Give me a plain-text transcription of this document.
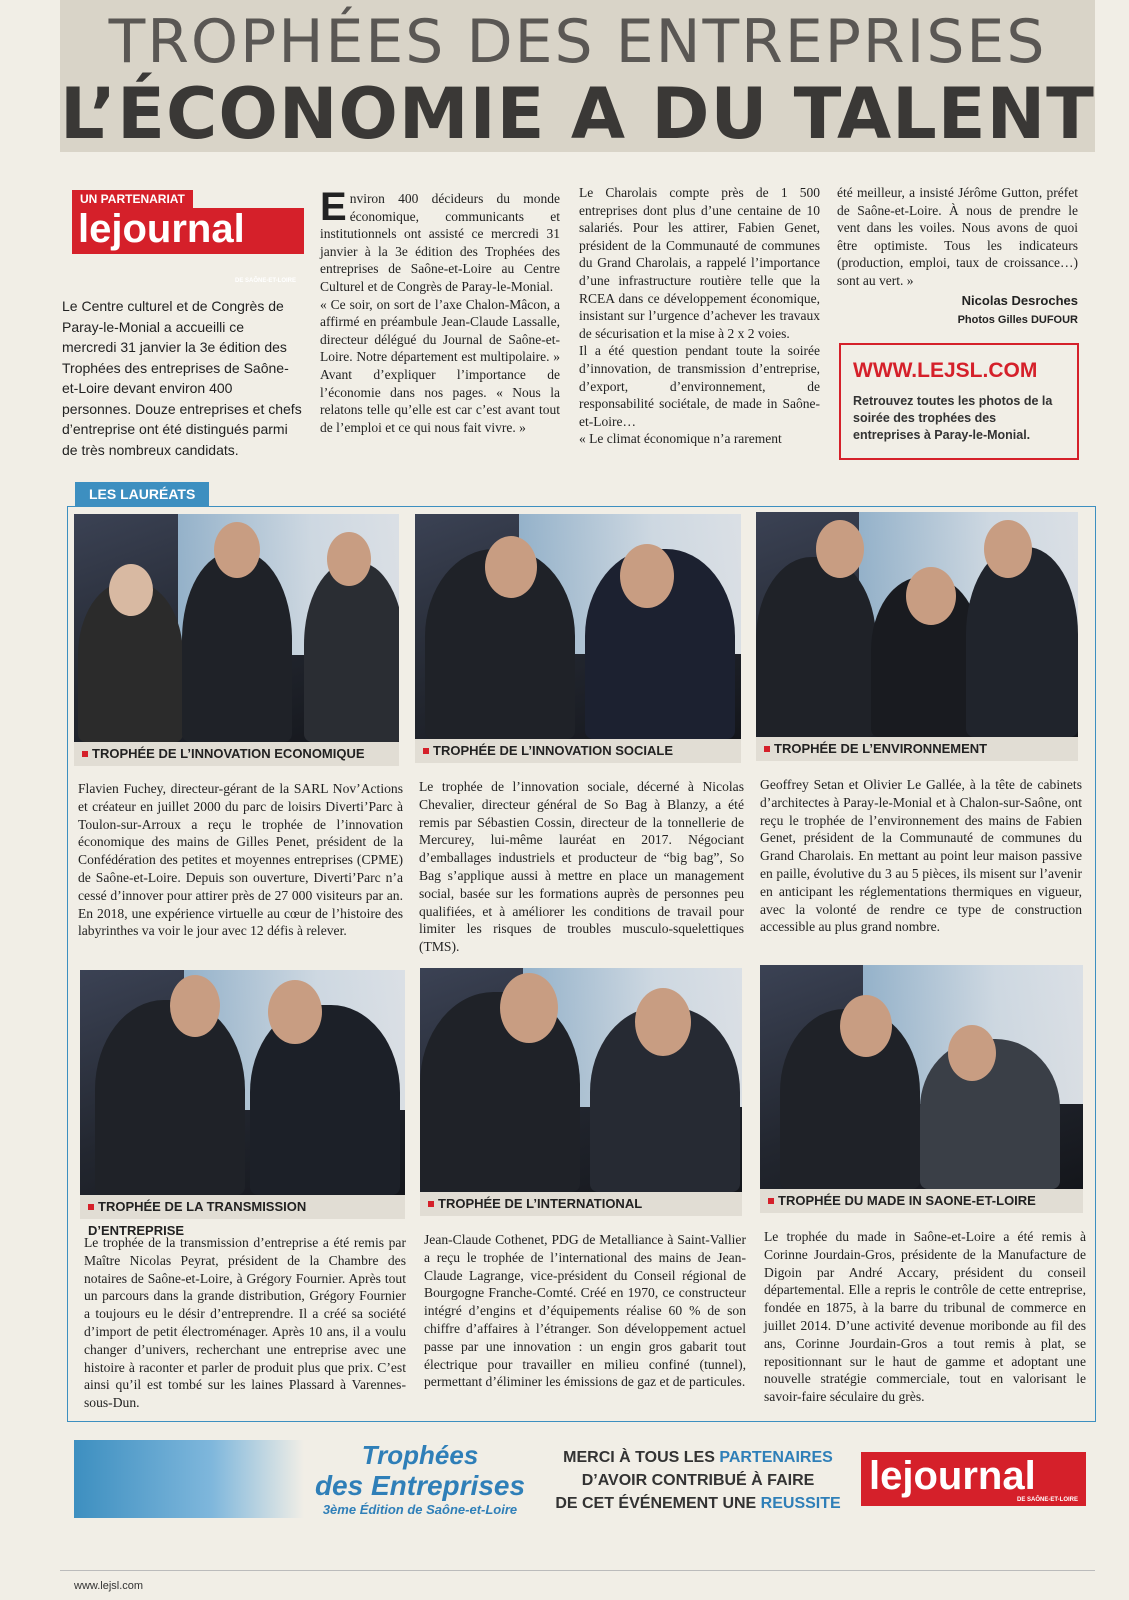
TROPHÉES DES ENTREPRISES
L’ÉCONOMIE A DU TALENT
UN PARTENARIAT
lejournal
DE SAÔNE-ET-LOIRE
Le Centre culturel et de Congrès de Paray-le-Monial a accueilli ce mercredi 31 janvier la 3e édition des Trophées des entreprises de Saône-et-Loire devant environ 400 personnes. Douze entreprises et chefs d’entreprise ont été distingués parmi de très nombreux candidats.

Environ 400 décideurs du monde économique, communicants et institutionnels ont assisté ce mercredi 31 janvier à la 3e édition des Trophées des entreprises de Saône-et-Loire au Centre Culturel et de Congrès de Paray-le-Monial.

« Ce soir, on sort de l’axe Chalon-Mâcon, a affirmé en préambule Jean-Claude Lassalle, directeur délégué du Journal de Saône-et-Loire. Notre département est multipolaire. » Avant d’expliquer l’importance de l’économie dans nos pages. « Nous la relatons telle qu’elle est car c’est avant tout de l’emploi et ce qui nous fait vivre. »

Le Charolais compte près de 1 500 entreprises dont plus d’une centaine de 10 salariés. Pour les attirer, Fabien Genet, président de la Communauté de communes du Grand Charolais, a rappelé l’importance d’une infrastructure routière telle que la RCEA dans ce développement économique, insistant sur l’urgence d’achever les travaux de sécurisation et la mise à 2 x 2 voies.

Il a été question pendant toute la soirée d’innovation, de transmission d’entreprise, d’export, d’environnement, de responsabilité sociétale, de made in Saône-et-Loire…

« Le climat économique n’a rarement

été meilleur, a insisté Jérôme Gutton, préfet de Saône-et-Loire. À nous de prendre le vent dans les voiles. Nous avons de quoi être optimiste. Tous les indicateurs (production, emploi, taux de croissance…) sont au vert. »

Nicolas Desroches
Photos Gilles DUFOUR
WWW.LEJSL.COM
Retrouvez toutes les photos de la soirée des trophées des entreprises à Paray-le-Monial.
LES LAURÉATS
TROPHÉE DE L’INNOVATION ECONOMIQUE	TROPHÉE DE L’INNOVATION SOCIALE	TROPHÉE DE L’ENVIRONNEMENT
Flavien Fuchey, directeur-gérant de la SARL Nov’Actions et créateur en juillet 2000 du parc de loisirs Diverti’Parc à Toulon-sur-Arroux a reçu le trophée de l’innovation économique des mains de Gilles Penet, président de la Confédération des petites et moyennes entreprises (CPME) de Saône-et-Loire. Depuis son ouverture, Diverti’Parc n’a cessé d’innover pour attirer près de 27 000 visiteurs par an. En 2018, une expérience virtuelle au cœur de l’histoire des labyrinthes va voir le jour avec 12 défis à relever.
Le trophée de l’innovation sociale, décerné à Nicolas Chevalier, directeur général de So Bag à Blanzy, a été remis par Sébastien Cossin, directeur de la tonnellerie de Mercurey, lui-même lauréat en 2017. Négociant d’emballages industriels et producteur de “big bag”, So Bag s’applique aussi à mettre en place un management social, basée sur les formations auprès de personnes peu qualifiées, et à améliorer les conditions de travail pour limiter les risques de troubles musculo-squelettiques (TMS).
Geoffrey Setan et Olivier Le Gallée, à la tête de cabinets d’architectes à Paray-le-Monial et à Chalon-sur-Saône, ont reçu le trophée de l’environnement des mains de Fabien Genet, président de la Communauté de communes du Grand Charolais. En mettant au point leur maison passive en paille, évolutive du 3 au 5 pièces, ils misent sur l’avenir en anticipant les réglementations thermiques en vigueur, avec la volonté de rendre ce type de construction accessible au plus grand nombre.
TROPHÉE DE LA TRANSMISSION D’ENTREPRISE
TROPHÉE DE L’INTERNATIONAL	TROPHÉE DU MADE IN SAONE-ET-LOIRE
Le trophée de la transmission d’entreprise a été remis par Maître Nicolas Peyrat, président de la Chambre des notaires de Saône-et-Loire, à Grégory Fournier. Après tout un parcours dans la grande distribution, Grégory Fournier a toujours eu le désir d’entreprendre. Il a créé sa société d’import de petit électroménager. Après 10 ans, il a voulu changer d’univers, recherchant une entreprise avec une histoire à raconter et parler de produit plus que prix. C’est ainsi qu’il est tombé sur les laines Plassard à Varennes-sous-Dun.
Jean-Claude Cothenet, PDG de Metalliance à Saint-Vallier a reçu le trophée de l’international des mains de Jean-Claude Lagrange, vice-président du Conseil régional de Bourgogne Franche-Comté. Créé en 1970, ce constructeur intégré d’engins et d’équipements réalise 60 % de son chiffre d’affaires à l’étranger. Son développement actuel passe par une innovation : un engin gros gabarit tout électrique pour travailler en milieu confiné (tunnel), permettant d’éliminer les émissions de gaz et de particules.
Le trophée du made in Saône-et-Loire a été remis à Corinne Jourdain-Gros, présidente de la Manufacture de Digoin par André Accary, président du conseil départemental. Elle a repris le contrôle de cette entreprise, fondée en 1875, à la barre du tribunal de commerce en juillet 2014. D’une activité devenue moribonde au fil des ans, Corinne Jourdain-Gros a tout remis à plat, se repositionnant sur le haut de gamme et adoptant une nouvelle stratégie commerciale, tout en valorisant le savoir-faire séculaire du grès.
Trophées
des Entreprises
3ème Édition de Saône-et-Loire
MERCI À TOUS LES PARTENAIRES
D’AVOIR CONTRIBUÉ À FAIRE
DE CET ÉVÉNEMENT UNE REUSSITE
lejournal
DE SAÔNE-ET-LOIRE
www.lejsl.com
